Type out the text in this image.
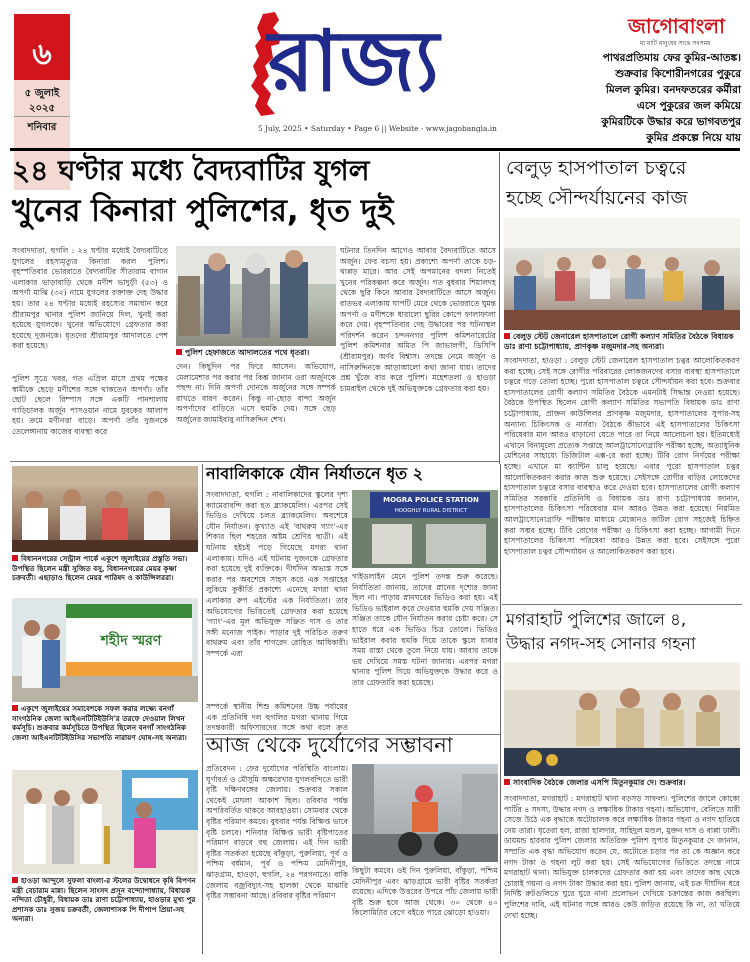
৬
৫ জুলাই
২০২৫
শনিবার
রাজ্য
5 July, 2025 • Saturday • Page 6 || Website - www.jagobangla.in
জাগোবাংলা
মা মাটি মানুষের সাথে সবসময়
পাথরপ্রতিমায় ফের কুমির-আতঙ্ক।
শুক্রবার কিশোরীনগরের পুকুরে
মিলল কুমির। বনদফতরের কর্মীরা
এসে পুকুরের জল কমিয়ে
কুমিরটিকে উদ্ধার করে ভাগবতপুর
কুমির প্রকল্পে নিয়ে যায়
২৪ ঘণ্টার মধ্যে বৈদ্যবাটির যুগল
খুনের কিনারা পুলিশের, ধৃত দুই
সংবাদদাতা, হুগলি : ২৪ ঘণ্টার মধ্যেই বৈদ্যবাটিতে যুগলের রহস্যমৃত্যুর কিনারা করল পুলিশ। বৃহস্পতিবার ভোররাতে বৈদ্যবাটির সীতারাম বাগান এলাকার ভাড়াবাড়ি থেকে মণীশ ভাদুড়ী (৫৩) ও অপর্ণা মাঝি (৩২) নামে যুগলের রক্তাক্ত দেহ উদ্ধার হয়। তার ২৪ ঘণ্টার মধ্যেই রহস্যের সমাধান করে শ্রীরামপুর থানার পুলিশ জানিয়ে দিল, খুনই করা হয়েছে যুগলকে। খুনের অভিযোগে গ্রেফতার করা হয়েছে দুজনকে। ধৃতদের শ্রীরামপুর আদালতে পেশ করা হয়েছে।
পুলিশ সূত্রে খবর, গত এপ্রিল মাসে প্রথম পক্ষের স্বামীকে ছেড়ে মণীশের সঙ্গে থাকতেন অপর্ণা। তাঁর ছোট ছেলে রিম্পাস সঙ্গে একটি পানশালায় গাড়িচালক অর্জুন পাসওয়ান নামে যুবকের আলাপ হয়। ক্রমে মণীনত্তা বাড়ে। অপর্ণা তাঁর দুজনকে তেলেঙ্গানায় কাজের ব্যবস্থা করে
পুলিশ হেফাজতে আদালতের পথে ধৃতরা।
দেন। কিছুদিন পর ফিরে আসেন। অভিযোগ, মেলামেশার পর করার পর কিশ্ত জানান ওরা অর্জুনকে পছন্দ না। দিনি অপর্ণা দোনকে অর্জুনের সঙ্গে সম্পর্ক রাখতে বারণ করেন। কিন্তু না-ছোড় বান্দা অর্জুন অপর্ণাদের বাড়িতে এসে হুমকি দেয়। সঙ্গে ছেড় অর্জুনের জামাইবাবু নাসিরুদ্দিন শেখ।
ঘটনার তিনদিন আগেও আবার বৈদ্যবাটিতে আসে অর্জুন। ফের বচসা হয়। প্রকাশ্যে অপর্ণা তাকে চড়-থাপ্পড় মারে। আর সেই অপমানের বদলা নিতেই খুনের পরিকল্পনা করে অর্জুন। গত বুধবার শিয়ালদহ থেকে ছুরি কিনে আবার বৈদ্যবাটিতে আসে অর্জুন। রাতভর এলাকায় ঘাপটি মেরে থেকে ভোররাতে ঘুমন্ত অপর্ণা ও মণীশকে ধারালো ছুরির কোপে ফালাফালা করে দেয়। বৃহস্পতিবার দেহ উদ্ধারের পর ঘটনাস্থল পরিদর্শন করেন চন্দননগর পুলিশ কমিশনারেটের পুলিশ কমিশনার অমিত পি জাভালগী, ডিসিপি (শ্রীরামপুর) অর্ণব বিশ্বাস। তদন্তে নেমে অর্জুন ও নাসিরুদ্দিনকে আড়াআলো কথা জানা যায়। তাদের প্রশ্ন খুঁজে বার করে পুলিশ। মহেশতলা ও হাওড়া চামরাইল থেকে দুই অভিযুক্তকে গ্রেফতার করা হয়।
বেলুড় হাসপাতাল চত্বরে
হচ্ছে সৌন্দর্যায়নের কাজ
বেলুড় স্টেট জেনারেল হাসপাতালে রোগী কল্যাণ সমিতির বৈঠকে বিধায়ক ডাঃ রাণা চট্টোপাধ্যায়, প্রাণকৃষ্ণ মজুমদার-সহ অন্যরা।
সংবাদদাতা, হাওড়া : বেলুড় স্টেট জেনারেল হাসপাতাল চত্বর আলোকিতকরণ করা হচ্ছে। সেই সঙ্গে রোগীর পরিবারের লোকজনদের বসার ব্যবস্থা হাসপাতালে চত্বরে গড়ে তোলা হচ্ছে। পুরো হাসপাতাল চত্বরে সৌন্দর্যায়ন করা হবে। শুক্রবার হাসপাতালের রোগী কল্যাণ সমিতির বৈঠকে এমনটাই সিদ্ধান্ত নেওয়া হয়েছে। বৈঠকে উপস্থিত ছিলেন রোগী কল্যাণ সমিতির সভাপতি বিধায়ক ডাঃ রাণা চট্টোপাধ্যায়, প্রাক্তন কাউন্সিলর প্রাণকৃষ্ণ মজুমদার, হাসপাতালের সুপার-সহ অন্যান্য চিকিৎসক ও নার্সরা। বৈঠকে কীভাবে এই হাসপাতালের চিকিৎসা পরিষেবার মান আরও বাড়ানো যেতে পারে তা নিয়ে আলোচনা হয়। ইতিমধ্যেই এখানে বিনামূল্যে প্রত্যেক সপ্তাহে আলট্রাসোনোগ্রাফি পরীক্ষা হচ্ছে, অত্যাধুনিক মেশিনের সাহায্যে ডিজিটাল এক্স-রে করা হচ্ছে। টিবি রোগ নির্ণয়ের পরীক্ষা হচ্ছে। এখানে মা ক্যান্টিন চালু হয়েছে। এবার পুরো হাসপাতাল চত্বর আলোকিতকরণ করার কাজ শুরু হয়েছে। সেইসঙ্গে রোগীর বাড়ির লোকেদের হাসপাতাল চত্বরে বসার ব্যবস্থাও করে দেওয়া হবে। হাসপাতালের রোগী কল্যাণ সমিতির সরকারি প্রতিনিধি ও বিধায়ক ডাঃ রাণা চট্টোপাধ্যায় জানান, হাসপাতালের চিকিৎসা পরিষেবার মান আরও উন্নত করা হয়েছে। নিয়মিত আলট্রাসোনোগ্রাফি পরীক্ষার মাধ্যমে মেকোনও জটিল রোগ সহজেই চিহ্নিত করা সম্ভব হচ্ছে। টিবি রোগের পরীক্ষা ও চিকিৎসা করা হচ্ছে। আগামী দিনে হাসপাতালের চিকিৎসা পরিষেবা আরও উন্নত করা হবে। সেইসঙ্গে পুরো হাসপাতাল চত্বর সৌন্দর্যায়ন ও আলোকিতকরণ করা হবে।
বিধাননগরের সেন্ট্রাল পার্কে একুশে জুলাইয়ের প্রস্তুতি সভা। উপস্থিত ছিলেন মন্ত্রী সুজিত বসু, বিধাননগরের মেয়র কৃষ্ণা চক্রবর্তী। এছাড়াও ছিলেন মেয়র পারিষদ ও কাউন্সিলররা।
শহীদ স্মরণ
একুশে জুলাইয়ের সমাবেশকে সফল করার লক্ষ্যে বনগাঁ সাংগঠনিক জেলা আইএনটিটিইউসি'র তরফে দেওয়াল লিখন কর্মসূচি। শুক্রবার কর্মসূচিতে উপস্থিত ছিলেন বনগাঁ সাংগঠনিক জেলা আইএনটিটিইউসির সভাপতি নারায়ণ ঘোষ-সহ অন্যরা।
হাওড়া আন্দুলে সুফলা বাংলা-র স্টলের উদ্বোধনে কৃষি বিপণন মন্ত্রী বেচারাম মান্না। ছিলেন সাংসদ প্রসূন বন্দ্যোপাধ্যায়, বিধায়ক নন্দিতা চৌধুরী, বিধায়ক ডাঃ রাণা চট্টোপাধ্যায়, হাওড়ার মুখ্য পুর প্রশাসক ডাঃ সুজয় চক্রবর্তী, জেলাশাসক পি দীপাপ প্রিয়া-সহ অন্যরা।
নাবালিকাকে যৌন নির্যাতনে ধৃত ২
সংবাদদাতা, হুগলি : নাবালিকাদের স্কুলের দৃশ্য ক্যামেরাবন্দি করা হত ব্ল্যাকমেলিং। এরপর সেই ভিডিও দেখিয়ে চলত ব্ল্যাকমেলিং। অবশেষে যৌন নির্যাতন। কুখ্যাত এই 'বাথরুম গ্যাং'-এর শিকার ছিল শহরের অষ্টম শ্রেণির ছাত্রী। এই ঘটনায় হইচই পড়ে গিয়েছে মগরা থানা এলাকায়। যদিও এই ঘটনায় দুজনকে গ্রেফতার করা হয়েছে দুই ব্যক্তিকে। দীর্ঘদিন অভ্যস্ত সঙ্গে করার পর অবশেষে সাহস করে এক সপ্তাহের লুকিয়ে কুকীর্তি প্রকাশ্যে এনেছে মগরা থানা এলাকার রুপ এইস্টের এক নির্যাতিতা। তার অভিযোগের ভিত্তিতেই গ্রেফতার করা হয়েছে 'গ্যাং'-এর মূল অভিযুক্ত সঞ্জিত দাস ও তার সঙ্গী মনোজ পাইক। পাড়ার দুই পরিচিত তরুণ বাথরুম এবং তাঁর শাগরেদ রোহিত আধিকারী। সম্পর্কে এরা
MOGRA POLICE STATION
HOOGHLY RURAL DISTRICT
গাইডলাইন মেনে পুলিশ তদন্ত শুরু করেছে। নির্যাতিতা জানায়, তাদের স্নানের দৃশ্যের জানা ছিল না। পাড়ায় স্নানঘরের ভিডিও করা হয়। এই ভিডিও ভাইরাল করে দেওয়ার হুমকি দেয় সঞ্জিত। সঞ্জিত তাকে যৌন নির্যাতন করার চেষ্টা করে। সে হাতে ধরে এক ভিডিও চিত্র তোলে। ভিডিও ভাইরাল করার হুমকি দিয়ে তাকে স্কুলে যাবার সময় রাস্তা থেকে তুলে নিয়ে যায়। আবার তাকে ভয় দেখিয়ে সমস্ত ঘটনা জানায়। এরপর মগরা থানার পুলিশ গিয়ে অভিযুক্তকে উদ্ধার করে ও তার গ্রেফতারি করা হয়েছে।
সম্পর্কে স্থানীয় শিশু কমিশনের উচ্চ পর্যায়ের এক প্রতিনিধি দল হুগলির মগরা থানায় গিয়ে তদন্তকারী অফিসারদের সঙ্গে কথা বলে ক্রত
আজ থেকে দুর্যোগের সম্ভাবনা
প্রতিবেদন : ফের দুর্যোগের পরিস্থিতি বাংলায়। ঘূর্ণাবর্ত ও মৌসুমি অক্ষরেখার যুগলবন্দিতে ভারী বৃষ্টি দক্ষিণবঙ্গের জেলায়। শুক্রবার সকাল থেকেই মেঘলা আকাশ ছিল। রবিবার পর্যন্ত অপরিবর্তিত থাকবে আবহাওয়া। সোমবার থেকে বৃষ্টির পরিমাণ কমবে। বুধবার পর্যন্ত বিক্ষিপ্ত ভাবে বৃষ্টি চলবে। শনিবার বিক্ষিপ্ত ভারী বৃষ্টিপাতের পরিমাণ বাড়বে বহু জেলায়। এই দিন ভারী বৃষ্টির সতর্কতা হয়েছে বাঁকুড়া, পুরুলিয়া, পূর্ব ও পশ্চিম বর্ধমান, পূর্ব ও পশ্চিম মেদিনীপুর, ঝাড়গ্রাম, হাওড়া, হুগলি, ২৪ পরগনাতে। বাকি জেলায় বজ্রবিদ্যুৎ-সহ হালকা থেকে মাঝারি বৃষ্টির সম্ভাবনা আছে। রবিবার বৃষ্টির পরিমাণ
কিছুটা কমবে। ওই দিন পুরুলিয়া, বাঁকুড়া, পশ্চিম মেদিনীপুর এবং ঝাড়গ্রামে ভারী বৃষ্টির সতর্কতা রয়েছে। এদিকে উত্তরের উপরে পাঁচ জেলায় ভারী বৃষ্টি শুরু হবে আজ থেকে। ৩০ থেকে ৪০ কিলোমিটার বেগে বইতে পারে ঝোড়ো হাওয়া।
মগরাহাট পুলিশের জালে ৪,
উদ্ধার নগদ-সহ সোনার গহনা
সাংবাদিক বৈঠকে জেলার এসপি মিতুনকুমার দে। শুক্রবার।
সংবাদদাতা, মগরাহাট : মগরাহাট থানা বড়সড় সাফল্য। পুলিশের জালে কোকো পাটিঁর ৪ সদস্য, উদ্ধার নগদ ও লক্ষাধিক টাকার গহনা। অভিযোগ, বেলিতে যারী সেজে উঠে এক বৃদ্ধাকে অটোচালক করে লক্ষাধিক টাকার গহনা ও নগদ হাতিয়ে নেয় তারা। ধৃতেরা হল, রাজা হালদার, সাহিদুল মণ্ডল, মুক্তন দাস ও বাপ্পা ঢালী। ডায়মন্ড হারবার পুলিশ জেলার অতিরিক্ত পুলিশ সুপার মিতুনকুমার দে জানান, সম্প্রতি এক বৃদ্ধা অভিযোগ করেন যে, অটোতে চড়ার পর তা কে অজ্ঞান করে নগদ টাকা ও গহনা লুট করা হয়। সেই অভিযোগের ভিত্তিতে তদন্তে নামে মগরাহাট থানা। অভিযুক্ত চালকদের গ্রেফতার করা হয় এবং তাদের কাছ থেকে চোরাই গয়না ও নগদ টাকা উদ্ধার করা হয়। পুলিশ জানায়, এই চক্র দীর্ঘদিন ধরে নির্দিষ্ট রুটগুলিতে ঘুরে ঘুরে নানা প্রলোভন দেখিয়ে চক্রান্তের কাজ করছিল। পুলিশের দাবি, এই ঘটনার সঙ্গে আরও কেউ জড়িত রয়েছে কি না, তা খতিয়ে দেখা হচ্ছে।
